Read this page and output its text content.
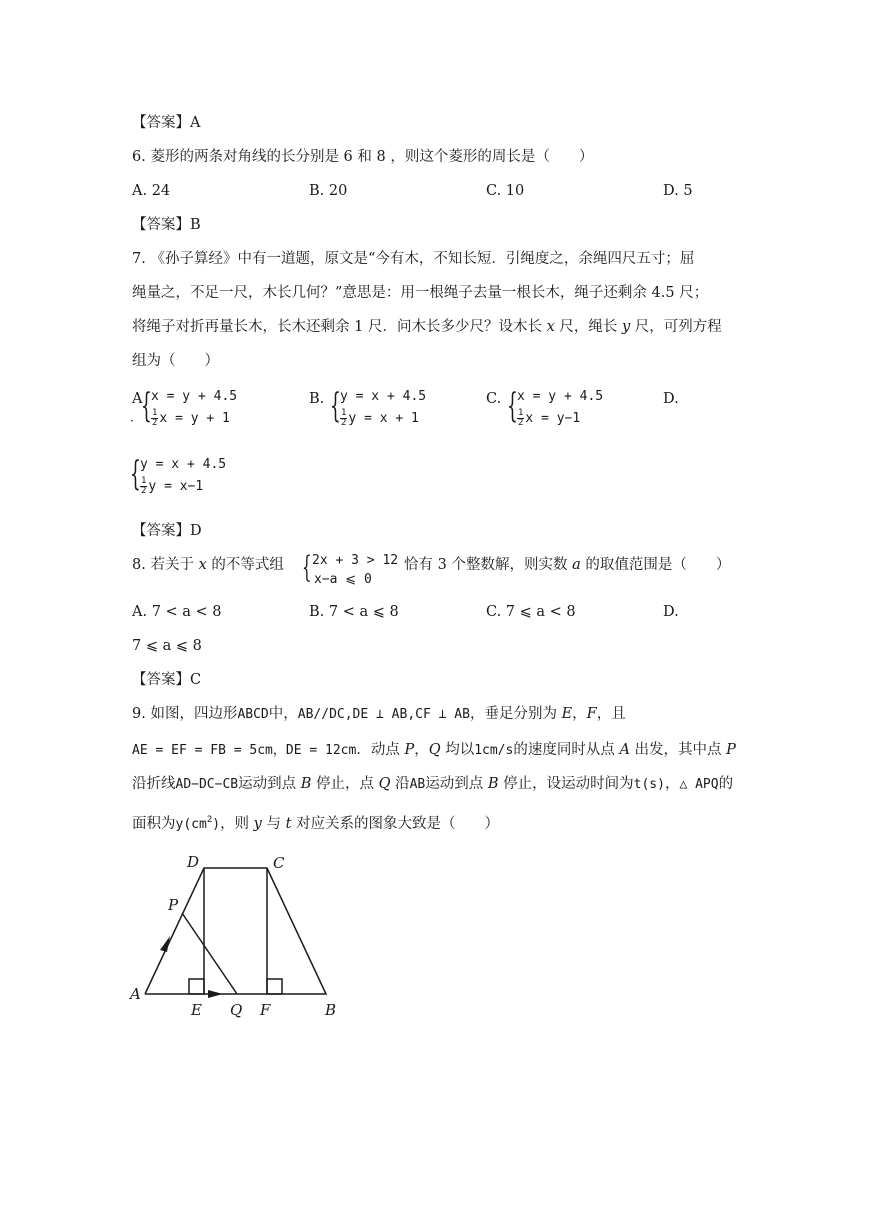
【答案】A
6. 菱形的两条对角线的长分别是 6 和 8 ，则这个菱形的周长是（　　）
A. 24	B. 20	C. 10	D. 5
【答案】B
7. 《孙子算经》中有一道题，原文是“今有木，不知长短．引绳度之，余绳四尺五寸；屈
绳量之，不足一尺，木长几何？”意思是：用一根绳子去量一根长木，绳子还剩余 4.5 尺；
将绳子对折再量长木，长木还剩余 1 尺．问木长多少尺？设木长 x 尺，绳长 y 尺，可列方程
组为（　　）
A
．
{ x = y + 4.5
$\frac{1}{2}$ x = y + 1
B. { y = x + 4.5
$\frac{1}{2}$ y = x + 1
C. { x = y + 4.5
$\frac{1}{2}$ x = y−1
D.
{ y = x + 4.5
$\frac{1}{2}$ y = x−1
【答案】D
8. 若关于 x 的不等式组 { 2x + 3 > 12
x−a ⩽ 0
恰有 3 个整数解，则实数 a 的取值范围是（　　）
A. 7 < a < 8	B. 7 < a ⩽ 8	C. 7 ⩽ a < 8	D.
7 ⩽ a ⩽ 8
【答案】C
9. 如图，四边形ABCD中，AB//DC,DE ⊥ AB,CF ⊥ AB，垂足分别为 E，F，且
AE = EF = FB = 5cm，DE = 12cm．动点 P，Q 均以1cm/s的速度同时从点 A 出发，其中点 P
沿折线AD−DC−CB运动到点 B 停止，点 Q 沿AB运动到点 B 停止，设运动时间为t(s)，△ APQ的
面积为$y(cm^2)$，则 y 与 t 对应关系的图象大致是（　　）
A
B
C
D
E	F
P
Q
